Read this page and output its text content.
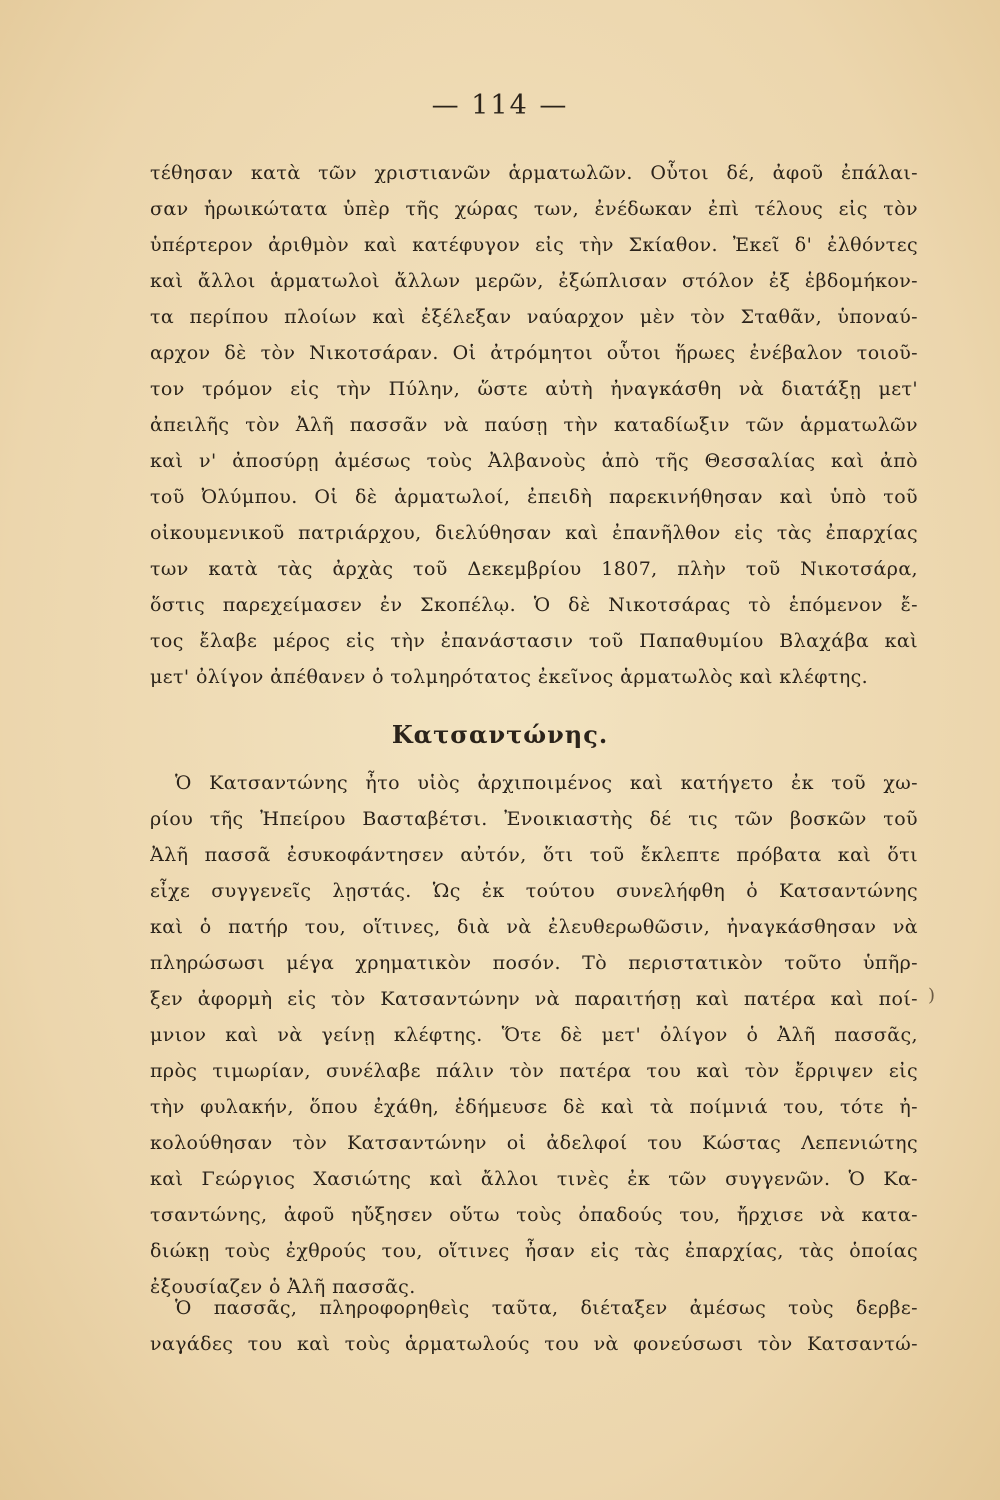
— 114 —
τέθησαν κατὰ τῶν χριστιανῶν ἁρματωλῶν. Οὗτοι δέ, ἀφοῦ ἐπάλαι-
σαν ἡρωικώτατα ὑπὲρ τῆς χώρας των, ἐνέδωκαν ἐπὶ τέλους εἰς τὸν
ὑπέρτερον ἀριθμὸν καὶ κατέφυγον εἰς τὴν Σκίαθον. Ἐκεῖ δ' ἐλθόντες
καὶ ἄλλοι ἁρματωλοὶ ἄλλων μερῶν, ἐξώπλισαν στόλον ἐξ ἑβδομήκον-
τα περίπου πλοίων καὶ ἐξέλεξαν ναύαρχον μὲν τὸν Σταθᾶν, ὑποναύ-
αρχον δὲ τὸν Νικοτσάραν. Οἱ ἀτρόμητοι οὗτοι ἥρωες ἐνέβαλον τοιοῦ-
τον τρόμον εἰς τὴν Πύλην, ὥστε αὐτὴ ἠναγκάσθη νὰ διατάξῃ μετ'
ἀπειλῆς τὸν Ἀλῆ πασσᾶν νὰ παύσῃ τὴν καταδίωξιν τῶν ἁρματωλῶν
καὶ ν' ἀποσύρῃ ἀμέσως τοὺς Ἀλβανοὺς ἀπὸ τῆς Θεσσαλίας καὶ ἀπὸ
τοῦ Ὀλύμπου. Οἱ δὲ ἁρματωλοί, ἐπειδὴ παρεκινήθησαν καὶ ὑπὸ τοῦ
οἰκουμενικοῦ πατριάρχου, διελύθησαν καὶ ἐπανῆλθον εἰς τὰς ἐπαρχίας
των κατὰ τὰς ἀρχὰς τοῦ Δεκεμβρίου 1807, πλὴν τοῦ Νικοτσάρα,
ὅστις παρεχείμασεν ἐν Σκοπέλῳ. Ὁ δὲ Νικοτσάρας τὸ ἑπόμενον ἔ-
τος ἔλαβε μέρος εἰς τὴν ἐπανάστασιν τοῦ Παπαθυμίου Βλαχάβα καὶ
μετ' ὀλίγον ἀπέθανεν ὁ τολμηρότατος ἐκεῖνος ἁρματωλὸς καὶ κλέφτης.
Κατσαντώνης.
Ὁ Κατσαντώνης ἦτο υἱὸς ἀρχιποιμένος καὶ κατήγετο ἐκ τοῦ χω-
ρίου τῆς Ἠπείρου Βασταβέτσι. Ἐνοικιαστὴς δέ τις τῶν βοσκῶν τοῦ
Ἀλῆ πασσᾶ ἐσυκοφάντησεν αὐτόν, ὅτι τοῦ ἔκλεπτε πρόβατα καὶ ὅτι
εἶχε συγγενεῖς λῃστάς. Ὡς ἐκ τούτου συνελήφθη ὁ Κατσαντώνης
καὶ ὁ πατήρ του, οἵτινες, διὰ νὰ ἐλευθερωθῶσιν, ἠναγκάσθησαν νὰ
πληρώσωσι μέγα χρηματικὸν ποσόν. Τὸ περιστατικὸν τοῦτο ὑπῆρ-
ξεν ἀφορμὴ εἰς τὸν Κατσαντώνην νὰ παραιτήσῃ καὶ πατέρα καὶ ποί-
μνιον καὶ νὰ γείνῃ κλέφτης. Ὅτε δὲ μετ' ὀλίγον ὁ Ἀλῆ πασσᾶς,
πρὸς τιμωρίαν, συνέλαβε πάλιν τὸν πατέρα του καὶ τὸν ἔρριψεν εἰς
τὴν φυλακήν, ὅπου ἐχάθη, ἐδήμευσε δὲ καὶ τὰ ποίμνιά του, τότε ἠ-
κολούθησαν τὸν Κατσαντώνην οἱ ἀδελφοί του Κώστας Λεπενιώτης
καὶ Γεώργιος Χασιώτης καὶ ἄλλοι τινὲς ἐκ τῶν συγγενῶν. Ὁ Κα-
τσαντώνης, ἀφοῦ ηὔξησεν οὕτω τοὺς ὀπαδούς του, ἤρχισε νὰ κατα-
διώκῃ τοὺς ἐχθρούς του, οἵτινες ἦσαν εἰς τὰς ἐπαρχίας, τὰς ὁποίας
ἐξουσίαζεν ὁ Ἀλῆ πασσᾶς.
)
Ὁ πασσᾶς, πληροφορηθεὶς ταῦτα, διέταξεν ἀμέσως τοὺς δερβε-
ναγάδες του καὶ τοὺς ἁρματωλούς του νὰ φονεύσωσι τὸν Κατσαντώ-
